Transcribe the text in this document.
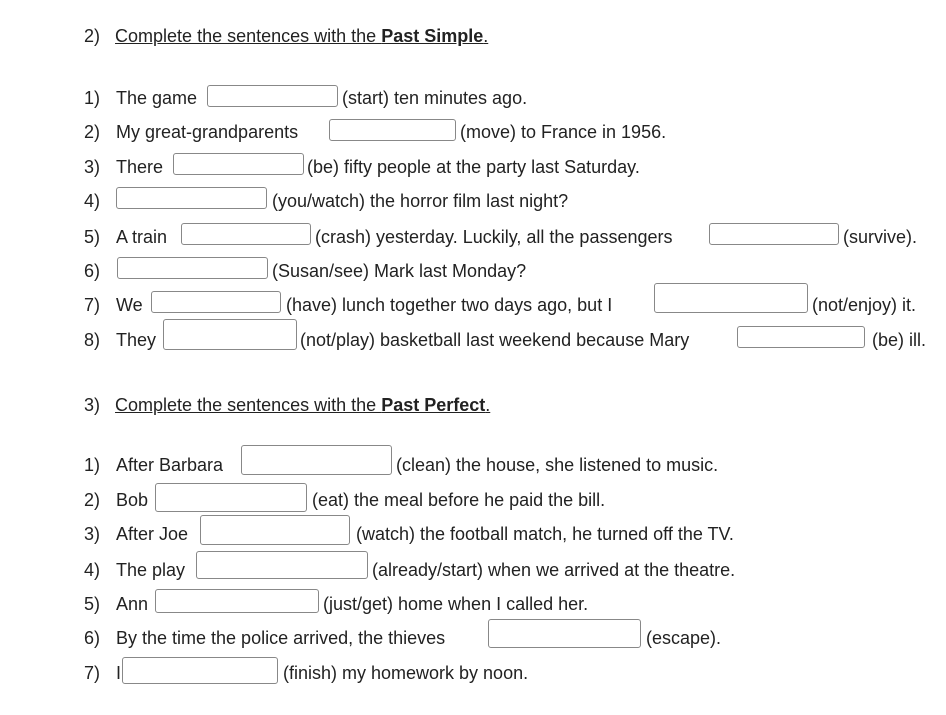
2) Complete the sentences with the Past Simple.
1) The game	(start) ten minutes ago.
2) My great-grandparents	(move) to France in 1956.
3) There	(be) fifty people at the party last Saturday.
4)	(you/watch) the horror film last night?
5) A train	(crash) yesterday. Luckily, all the passengers	(survive).
6)	(Susan/see) Mark last Monday?
7) We	(have) lunch together two days ago, but I	(not/enjoy) it.
8) They	(not/play) basketball last weekend because Mary	(be) ill.
3) Complete the sentences with the Past Perfect.
1) After Barbara	(clean) the house, she listened to music.
2) Bob	(eat) the meal before he paid the bill.
3) After Joe	(watch) the football match, he turned off the TV.
4) The play	(already/start) when we arrived at the theatre.
5) Ann	(just/get) home when I called her.
6) By the time the police arrived, the thieves	(escape).
7) I	(finish) my homework by noon.
